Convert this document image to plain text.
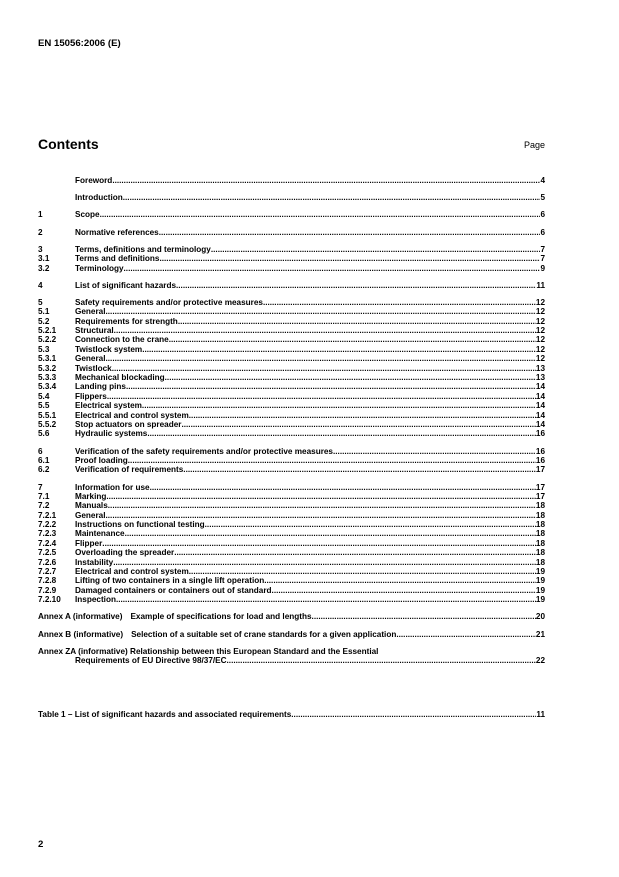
EN 15056:2006 (E)
Contents	Page
Foreword .....	4
Introduction .....	5
1	Scope .....	6
2	Normative references .....	6
3	Terms, definitions and terminology .....	7
3.1	Terms and definitions .....	7
3.2	Terminology .....	9
4	List of significant hazards .....	11
5	Safety requirements and/or protective measures .....	12
5.1	General .....	12
5.2	Requirements for strength .....	12
5.2.1	Structural .....	12
5.2.2	Connection to the crane .....	12
5.3	Twistlock system .....	12
5.3.1	General .....	12
5.3.2	Twistlock .....	13
5.3.3	Mechanical blockading .....	13
5.3.4	Landing pins .....	14
5.4	Flippers .....	14
5.5	Electrical system .....	14
5.5.1	Electrical and control system .....	14
5.5.2	Stop actuators on spreader .....	14
5.6	Hydraulic systems .....	16
6	Verification of the safety requirements and/or protective measures .....	16
6.1	Proof loading .....	16
6.2	Verification of requirements .....	17
7	Information for use .....	17
7.1	Marking .....	17
7.2	Manuals .....	18
7.2.1	General .....	18
7.2.2	Instructions on functional testing .....	18
7.2.3	Maintenance .....	18
7.2.4	Flipper .....	18
7.2.5	Overloading the spreader .....	18
7.2.6	Instability .....	18
7.2.7	Electrical and control system .....	19
7.2.8	Lifting of two containers in a single lift operation .....	19
7.2.9	Damaged containers or containers out of standard .....	19
7.2.10	Inspection .....	19
Annex A (informative) Example of specifications for load and lengths .....	20
Annex B (informative) Selection of a suitable set of crane standards for a given application .....	21
Annex ZA (informative) Relationship between this European Standard and the Essential
Requirements of EU Directive 98/37/EC .....	22
Table 1 – List of significant hazards and associated requirements .....	11
2
